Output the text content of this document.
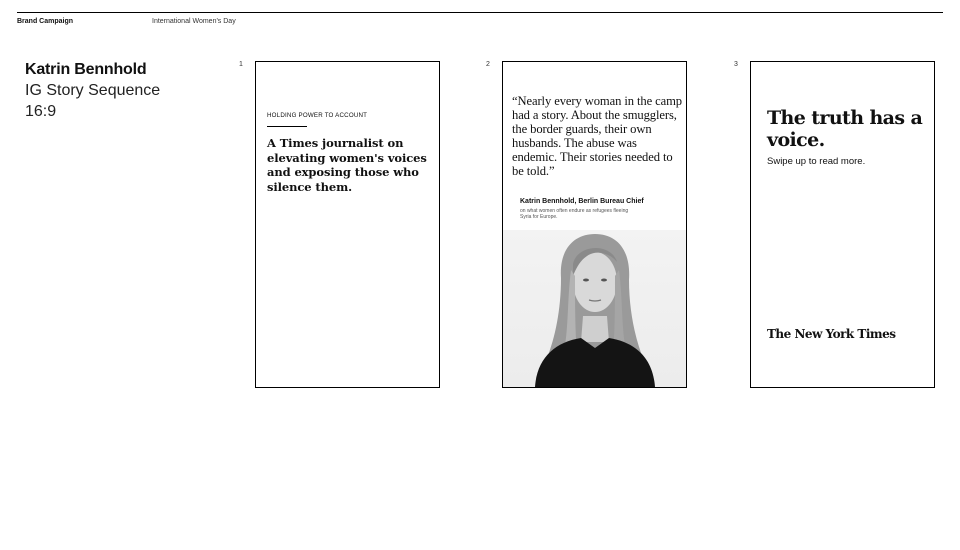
Brand Campaign	International Women's Day
Katrin Bennhold
IG Story Sequence
16:9
1
HOLDING POWER TO ACCOUNT
A Times journalist on elevating women's voices and exposing those who silence them.
2
“Nearly every woman in the camp had a story. About the smugglers, the border guards, their own husbands. The abuse was endemic. Their stories needed to be told.”
Katrin Bennhold, Berlin Bureau Chief
on what women often endure as refugees fleeing Syria for Europe.
3
The truth has a voice.
Swipe up to read more.
The New York Times
